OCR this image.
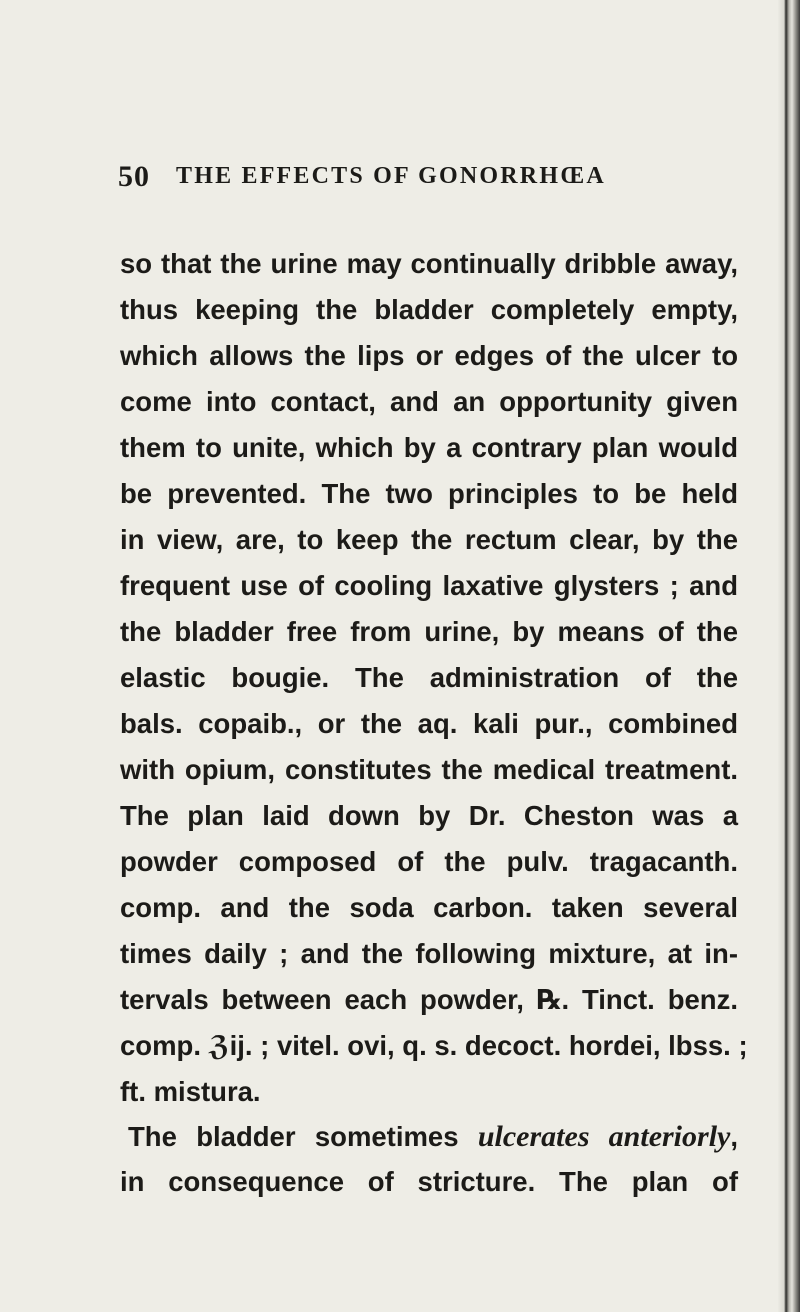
50 THE EFFECTS OF GONORRHŒA
so that the urine may continually dribble away,
thus keeping the bladder completely empty,
which allows the lips or edges of the ulcer to
come into contact, and an opportunity given
them to unite, which by a contrary plan would
be prevented. The two principles to be held
in view, are, to keep the rectum clear, by the
frequent use of cooling laxative glysters ; and
the bladder free from urine, by means of the
elastic bougie. The administration of the
bals. copaib., or the aq. kali pur., combined
with opium, constitutes the medical treatment.
The plan laid down by Dr. Cheston was a
powder composed of the pulv. tragacanth.
comp. and the soda carbon. taken several
times daily ; and the following mixture, at in-
tervals between each powder, ℞. Tinct. benz.
comp. ℨij. ; vitel. ovi, q. s. decoct. hordei, lbss. ;
ft. mistura.
The bladder sometimes ulcerates anteriorly,
in consequence of stricture. The plan of
